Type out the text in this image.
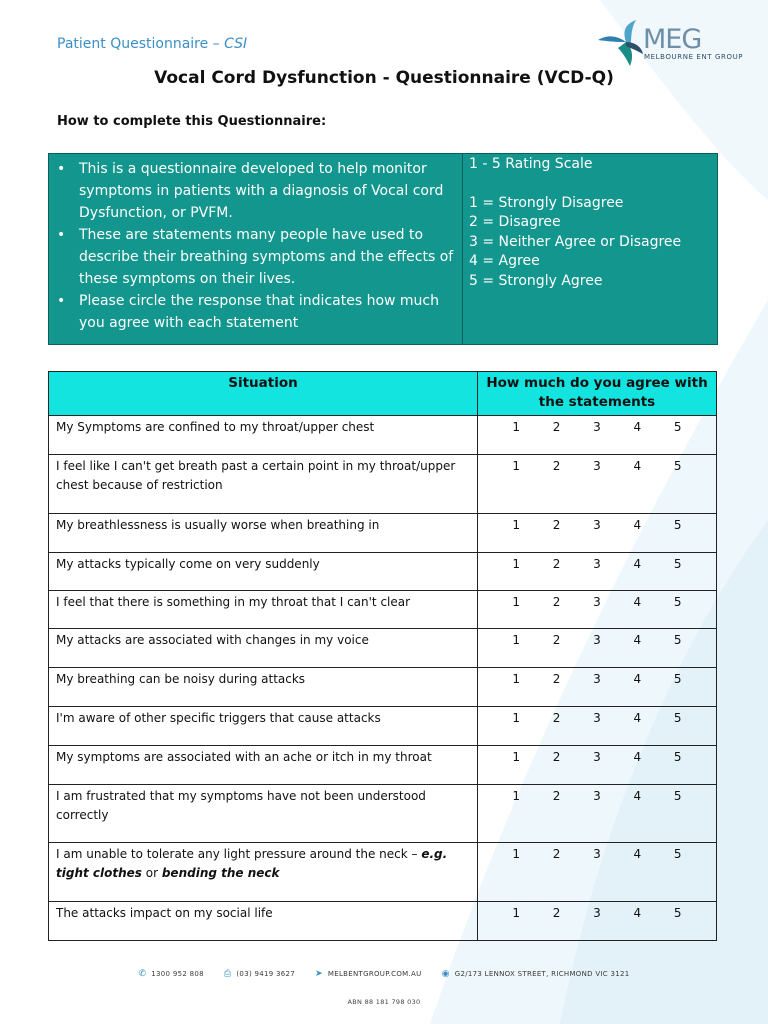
Patient Questionnaire – CSI	MEG
MELBOURNE ENT GROUP
Vocal Cord Dysfunction - Questionnaire (VCD-Q)
How to complete this Questionnaire:
• This is a questionnaire developed to help monitor symptoms in patients with a diagnosis of Vocal cord Dysfunction, or PVFM.
• These are statements many people have used to describe their breathing symptoms and the effects of these symptoms on their lives.
• Please circle the response that indicates how much you agree with each statement
1 - 5 Rating Scale
1 = Strongly Disagree
2 = Disagree
3 = Neither Agree or Disagree
4 = Agree
5 = Strongly Agree
Situation	How much do you agree with the statements
My Symptoms are confined to my throat/upper chest	1 2 3 4 5

I feel like I can't get breath past a certain point in my throat/upper chest because of restriction	1 2 3 4 5

My breathlessness is usually worse when breathing in	1 2 3 4 5

My attacks typically come on very suddenly	1 2 3 4 5

I feel that there is something in my throat that I can't clear	1 2 3 4 5

My attacks are associated with changes in my voice	1 2 3 4 5

My breathing can be noisy during attacks	1 2 3 4 5

I'm aware of other specific triggers that cause attacks	1 2 3 4 5

My symptoms are associated with an ache or itch in my throat	1 2 3 4 5

I am frustrated that my symptoms have not been understood correctly	1 2 3 4 5

I am unable to tolerate any light pressure around the neck – e.g. tight clothes or bending the neck	1 2 3 4 5

The attacks impact on my social life	1 2 3 4 5
✆ 1300 952 808 ⎙ (03) 9419 3627 ➤ MELBENTGROUP.COM.AU ◉ G2/173 LENNOX STREET, RICHMOND VIC 3121
ABN 88 181 798 030
